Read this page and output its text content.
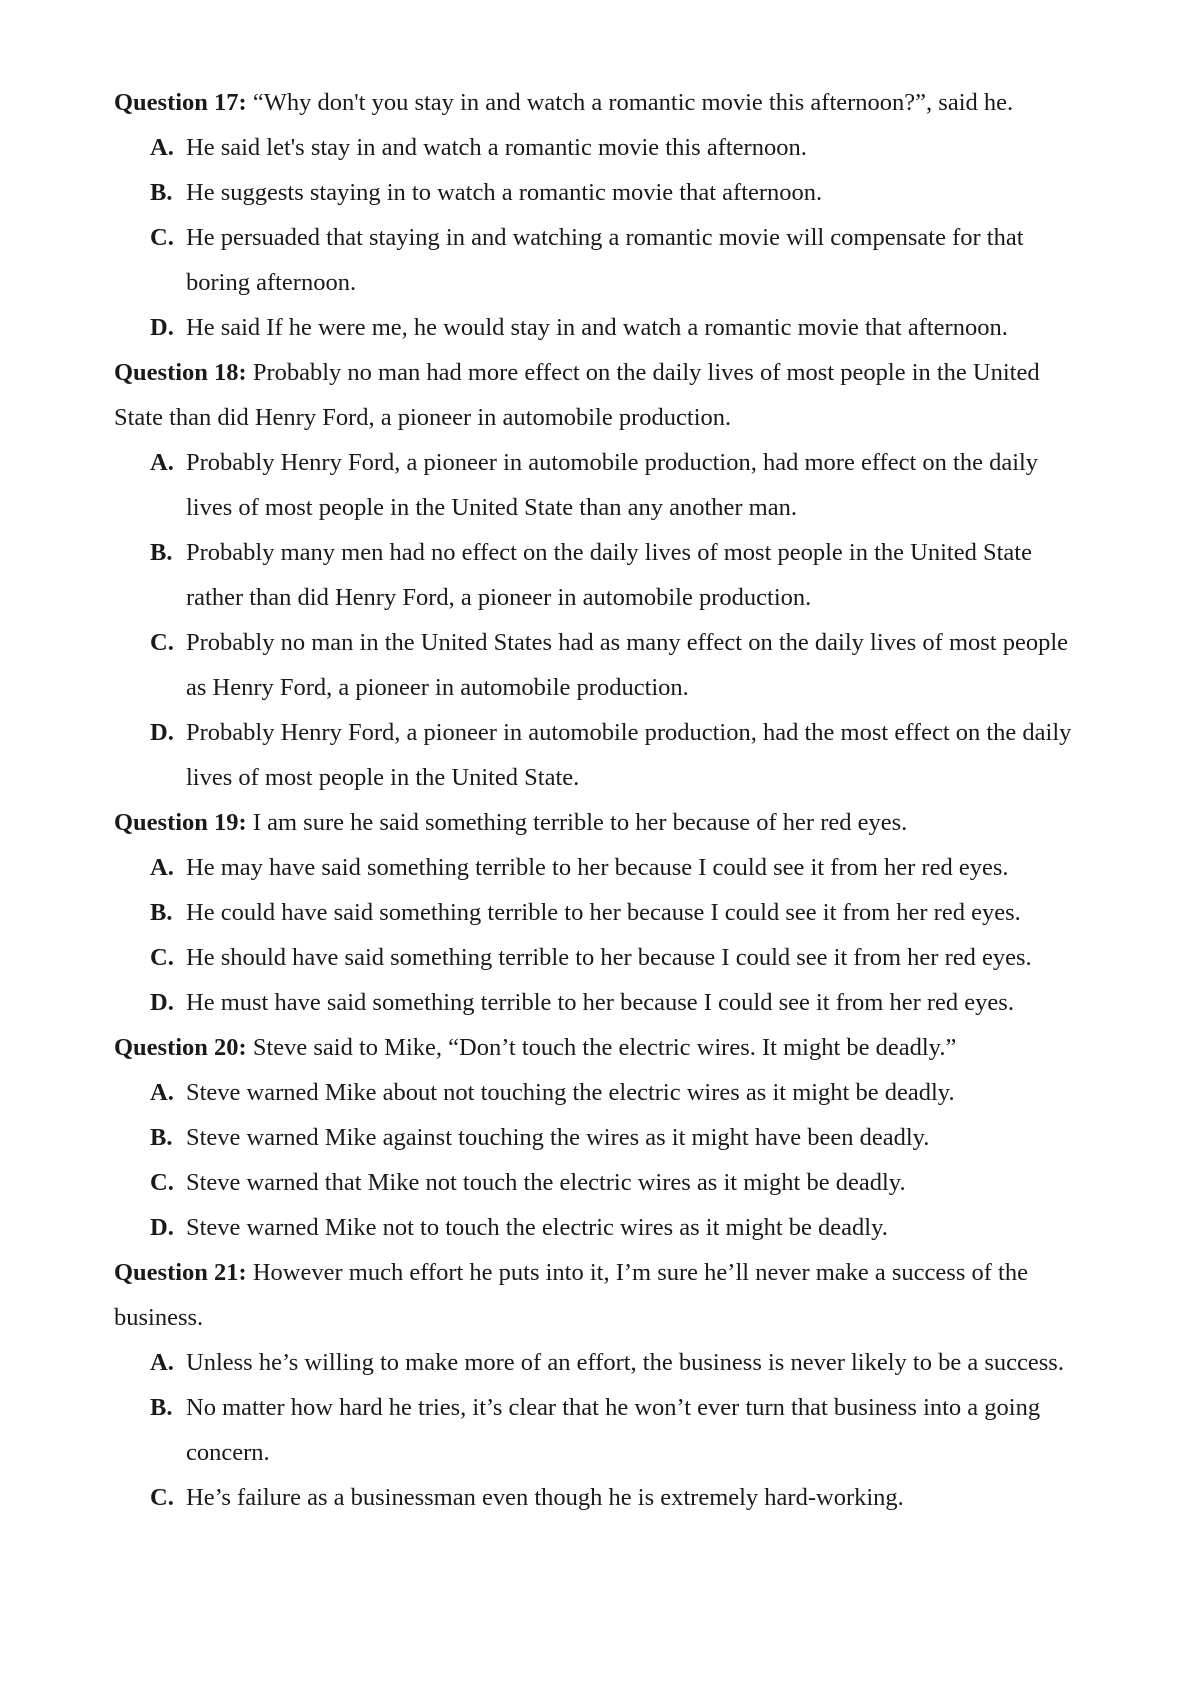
Question 17: “Why don't you stay in and watch a romantic movie this afternoon?”, said he.

A. He said let's stay in and watch a romantic movie this afternoon.
B. He suggests staying in to watch a romantic movie that afternoon.
C. He persuaded that staying in and watching a romantic movie will compensate for that boring afternoon.
D. He said If he were me, he would stay in and watch a romantic movie that afternoon.

Question 18: Probably no man had more effect on the daily lives of most people in the United State than did Henry Ford, a pioneer in automobile production.

A. Probably Henry Ford, a pioneer in automobile production, had more effect on the daily lives of most people in the United State than any another man.
B. Probably many men had no effect on the daily lives of most people in the United State rather than did Henry Ford, a pioneer in automobile production.
C. Probably no man in the United States had as many effect on the daily lives of most people as Henry Ford, a pioneer in automobile production.
D. Probably Henry Ford, a pioneer in automobile production, had the most effect on the daily lives of most people in the United State.

Question 19: I am sure he said something terrible to her because of her red eyes.

A. He may have said something terrible to her because I could see it from her red eyes.
B. He could have said something terrible to her because I could see it from her red eyes.
C. He should have said something terrible to her because I could see it from her red eyes.
D. He must have said something terrible to her because I could see it from her red eyes.

Question 20: Steve said to Mike, “Don’t touch the electric wires. It might be deadly.”

A. Steve warned Mike about not touching the electric wires as it might be deadly.
B. Steve warned Mike against touching the wires as it might have been deadly.
C. Steve warned that Mike not touch the electric wires as it might be deadly.
D. Steve warned Mike not to touch the electric wires as it might be deadly.

Question 21: However much effort he puts into it, I’m sure he’ll never make a success of the business.

A. Unless he’s willing to make more of an effort, the business is never likely to be a success.
B. No matter how hard he tries, it’s clear that he won’t ever turn that business into a going concern.
C. He’s failure as a businessman even though he is extremely hard-working.
